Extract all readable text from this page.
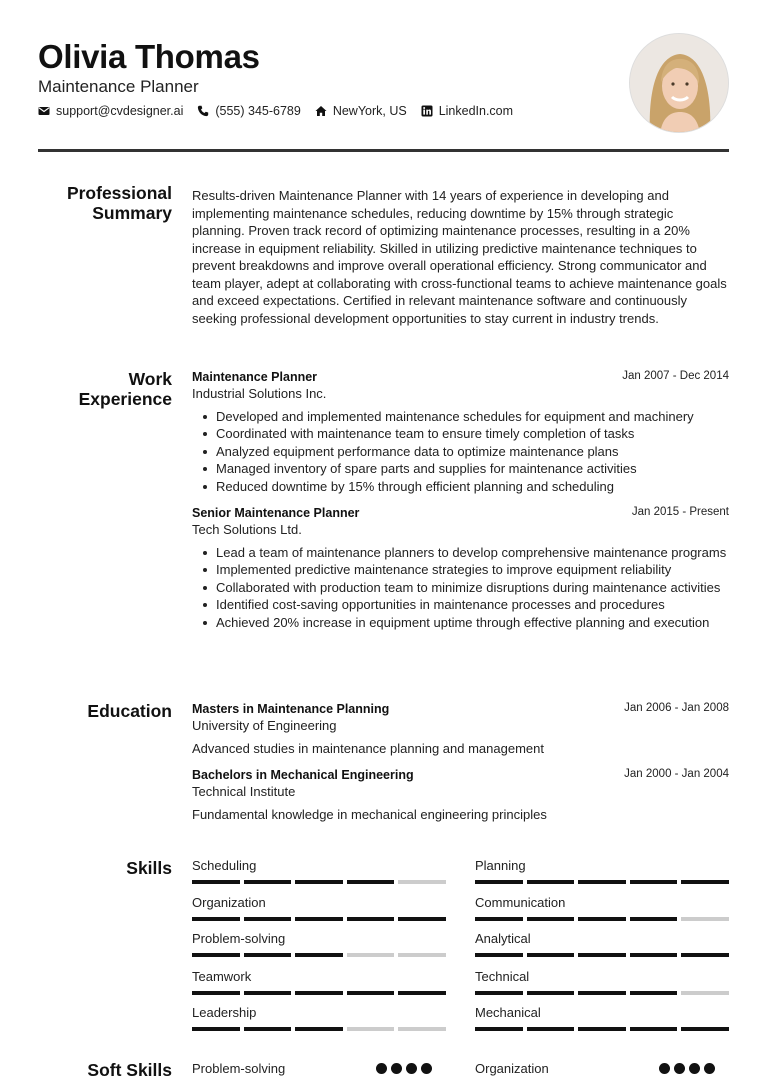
Olivia Thomas
Maintenance Planner
support@cvdesigner.ai	(555) 345-6789	NewYork, US	LinkedIn.com
Professional
Summary
Results-driven Maintenance Planner with 14 years of experience in developing and implementing maintenance schedules, reducing downtime by 15% through strategic planning. Proven track record of optimizing maintenance processes, resulting in a 20% increase in equipment reliability. Skilled in utilizing predictive maintenance techniques to prevent breakdowns and improve overall operational efficiency. Strong communicator and team player, adept at collaborating with cross-functional teams to achieve maintenance goals and exceed expectations. Certified in relevant maintenance software and continuously seeking professional development opportunities to stay current in industry trends.
Work
Experience
Maintenance Planner	Jan 2007 - Dec 2014
Industrial Solutions Inc.
Developed and implemented maintenance schedules for equipment and machinery
Coordinated with maintenance team to ensure timely completion of tasks
Analyzed equipment performance data to optimize maintenance plans
Managed inventory of spare parts and supplies for maintenance activities
Reduced downtime by 15% through efficient planning and scheduling
Senior Maintenance Planner	Jan 2015 - Present
Tech Solutions Ltd.
Lead a team of maintenance planners to develop comprehensive maintenance programs
Implemented predictive maintenance strategies to improve equipment reliability
Collaborated with production team to minimize disruptions during maintenance activities
Identified cost-saving opportunities in maintenance processes and procedures
Achieved 20% increase in equipment uptime through effective planning and execution
Education Masters in Maintenance Planning	Jan 2006 - Jan 2008
University of Engineering
Advanced studies in maintenance planning and management
Bachelors in Mechanical Engineering	Jan 2000 - Jan 2004
Technical Institute
Fundamental knowledge in mechanical engineering principles
Skills Scheduling	Planning
Organization	Communication
Problem-solving	Analytical
Teamwork	Technical
Leadership	Mechanical
Soft Skills Problem-solving	Organization
